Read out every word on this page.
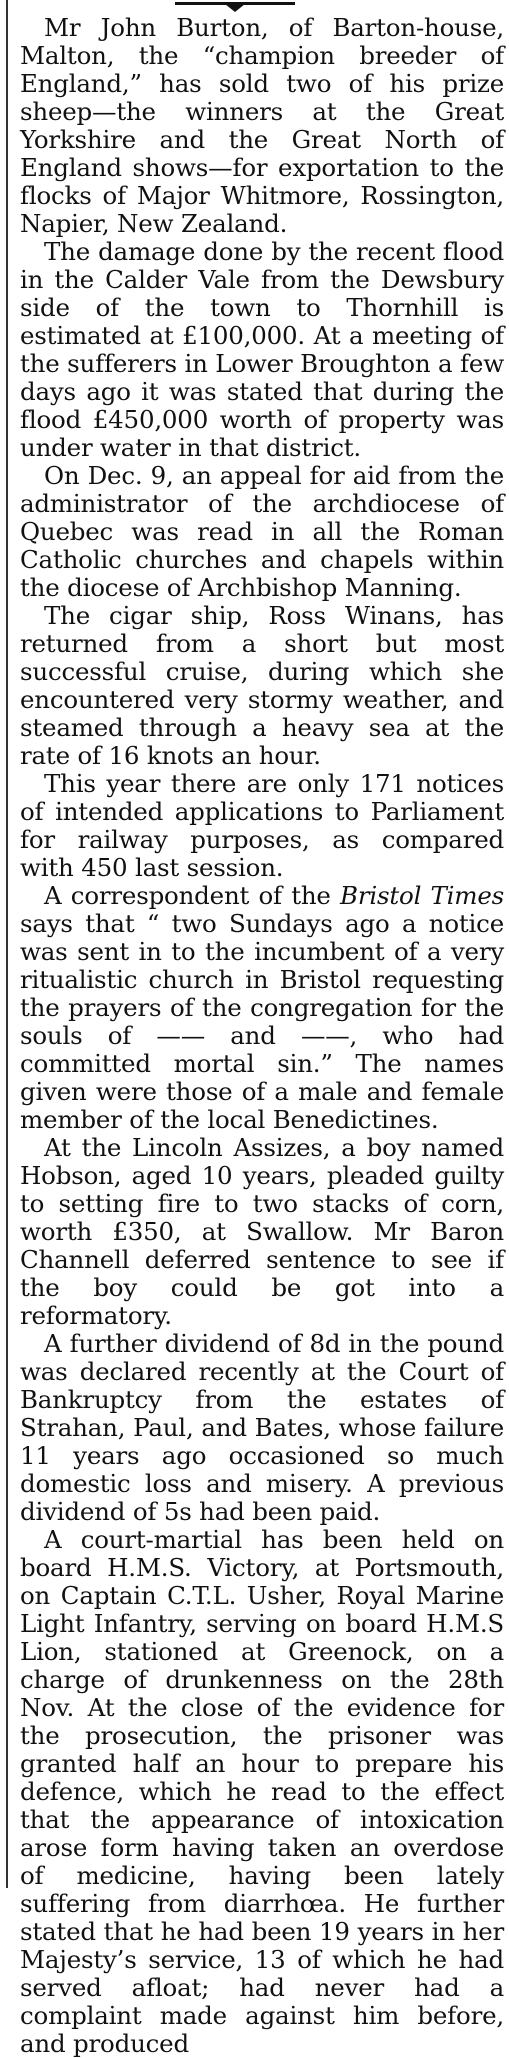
Mr John Burton, of Barton-house, Malton, the “champion breeder of England,” has sold two of his prize sheep—the winners at the Great Yorkshire and the Great North of England shows—for exportation to the flocks of Major Whitmore, Rossington, Napier, New Zealand.

The damage done by the recent flood in the Calder Vale from the Dewsbury side of the town to Thornhill is estimated at £100,000. At a meeting of the sufferers in Lower Broughton a few days ago it was stated that during the flood £450,000 worth of property was under water in that district.

On Dec. 9, an appeal for aid from the administrator of the archdiocese of Quebec was read in all the Roman Catholic churches and chapels within the diocese of Archbishop Manning.

The cigar ship, Ross Winans, has returned from a short but most successful cruise, during which she encountered very stormy weather, and steamed through a heavy sea at the rate of 16 knots an hour.

This year there are only 171 notices of intended applications to Parliament for railway purposes, as compared with 450 last session.

A correspondent of the Bristol Times says that “ two Sundays ago a notice was sent in to the incumbent of a very ritualistic church in Bristol requesting the prayers of the congregation for the souls of —— and ——, who had committed mortal sin.” The names given were those of a male and female member of the local Benedictines.

At the Lincoln Assizes, a boy named Hobson, aged 10 years, pleaded guilty to setting fire to two stacks of corn, worth £350, at Swallow. Mr Baron Channell deferred sentence to see if the boy could be got into a reformatory.

A further dividend of 8d in the pound was declared recently at the Court of Bankruptcy from the estates of Strahan, Paul, and Bates, whose failure 11 years ago occasioned so much domestic loss and misery. A previous dividend of 5s had been paid.

A court-martial has been held on board H.M.S. Victory, at Portsmouth, on Captain C.T.L. Usher, Royal Marine Light Infantry, serving on board H.M.S Lion, stationed at Greenock, on a charge of drunkenness on the 28th Nov. At the close of the evidence for the prosecution, the prisoner was granted half an hour to prepare his defence, which he read to the effect that the appearance of intoxication arose form having taken an overdose of medicine, having been lately suffering from diarrhœa. He further stated that he had been 19 years in her Majesty’s service, 13 of which he had served afloat; had never had a complaint made against him before, and produced
